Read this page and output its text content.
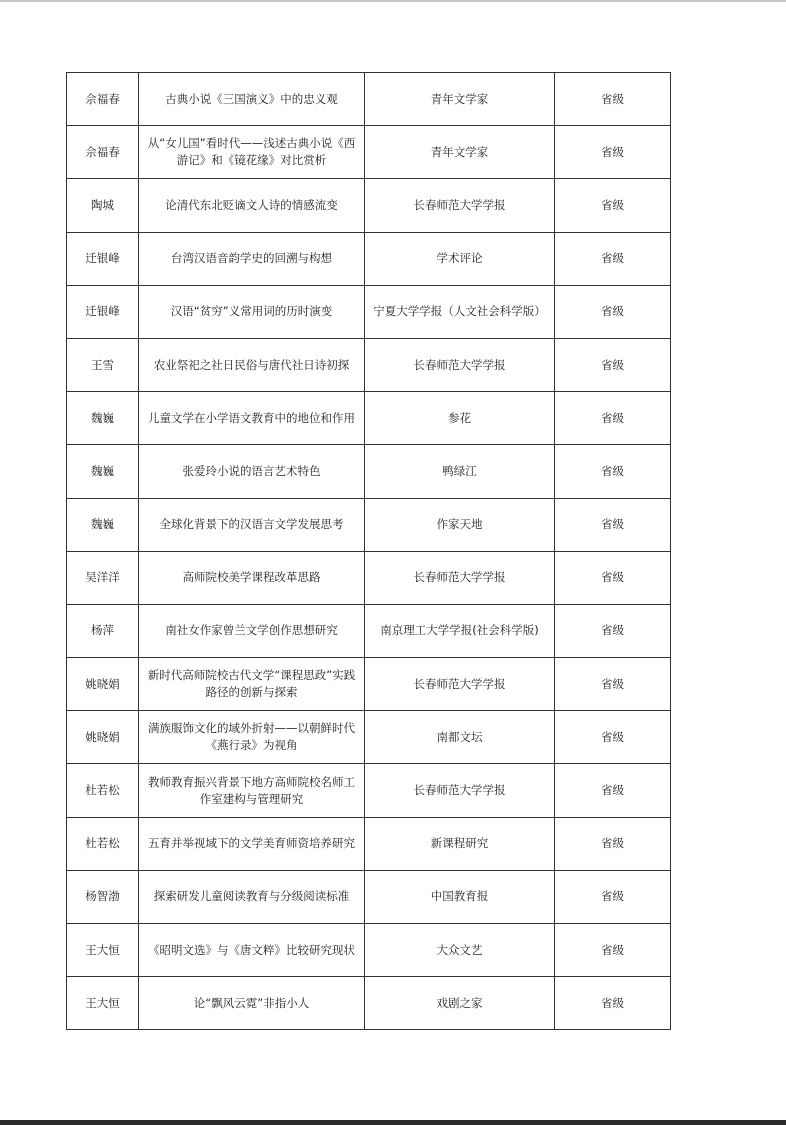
佘福春	古典小说《三国演义》中的忠义观	青年文学家	省级
佘福春	从“女儿国”看时代——浅述古典小说《西游记》和《镜花缘》对比赏析	青年文学家	省级
陶城	论清代东北贬谪文人诗的情感流变	长春师范大学学报	省级
迁银峰	台湾汉语音韵学史的回溯与构想	学术评论	省级
迁银峰	汉语“贫穷”义常用词的历时演变	宁夏大学学报（人文社会科学版）	省级
王雪	农业祭祀之社日民俗与唐代社日诗初探	长春师范大学学报	省级
魏巍	儿童文学在小学语文教育中的地位和作用	参花	省级
魏巍	张爱玲小说的语言艺术特色	鸭绿江	省级
魏巍	全球化背景下的汉语言文学发展思考	作家天地	省级
吴洋洋	高师院校美学课程改革思路	长春师范大学学报	省级
杨萍	南社女作家曾兰文学创作思想研究	南京理工大学学报(社会科学版)	省级
姚晓娟	新时代高师院校古代文学“课程思政”实践路径的创新与探索	长春师范大学学报	省级
姚晓娟	满族服饰文化的域外折射——以朝鲜时代《燕行录》为视角	南都文坛	省级
杜若松	教师教育振兴背景下地方高师院校名师工作室建构与管理研究	长春师范大学学报	省级
杜若松	五育并举视域下的文学美育师资培养研究	新课程研究	省级
杨智渤	探索研发儿童阅读教育与分级阅读标准	中国教育报	省级
王大恒	《昭明文选》与《唐文粹》比较研究现状	大众文艺	省级
王大恒	论“飘风云霓”非指小人	戏剧之家	省级
